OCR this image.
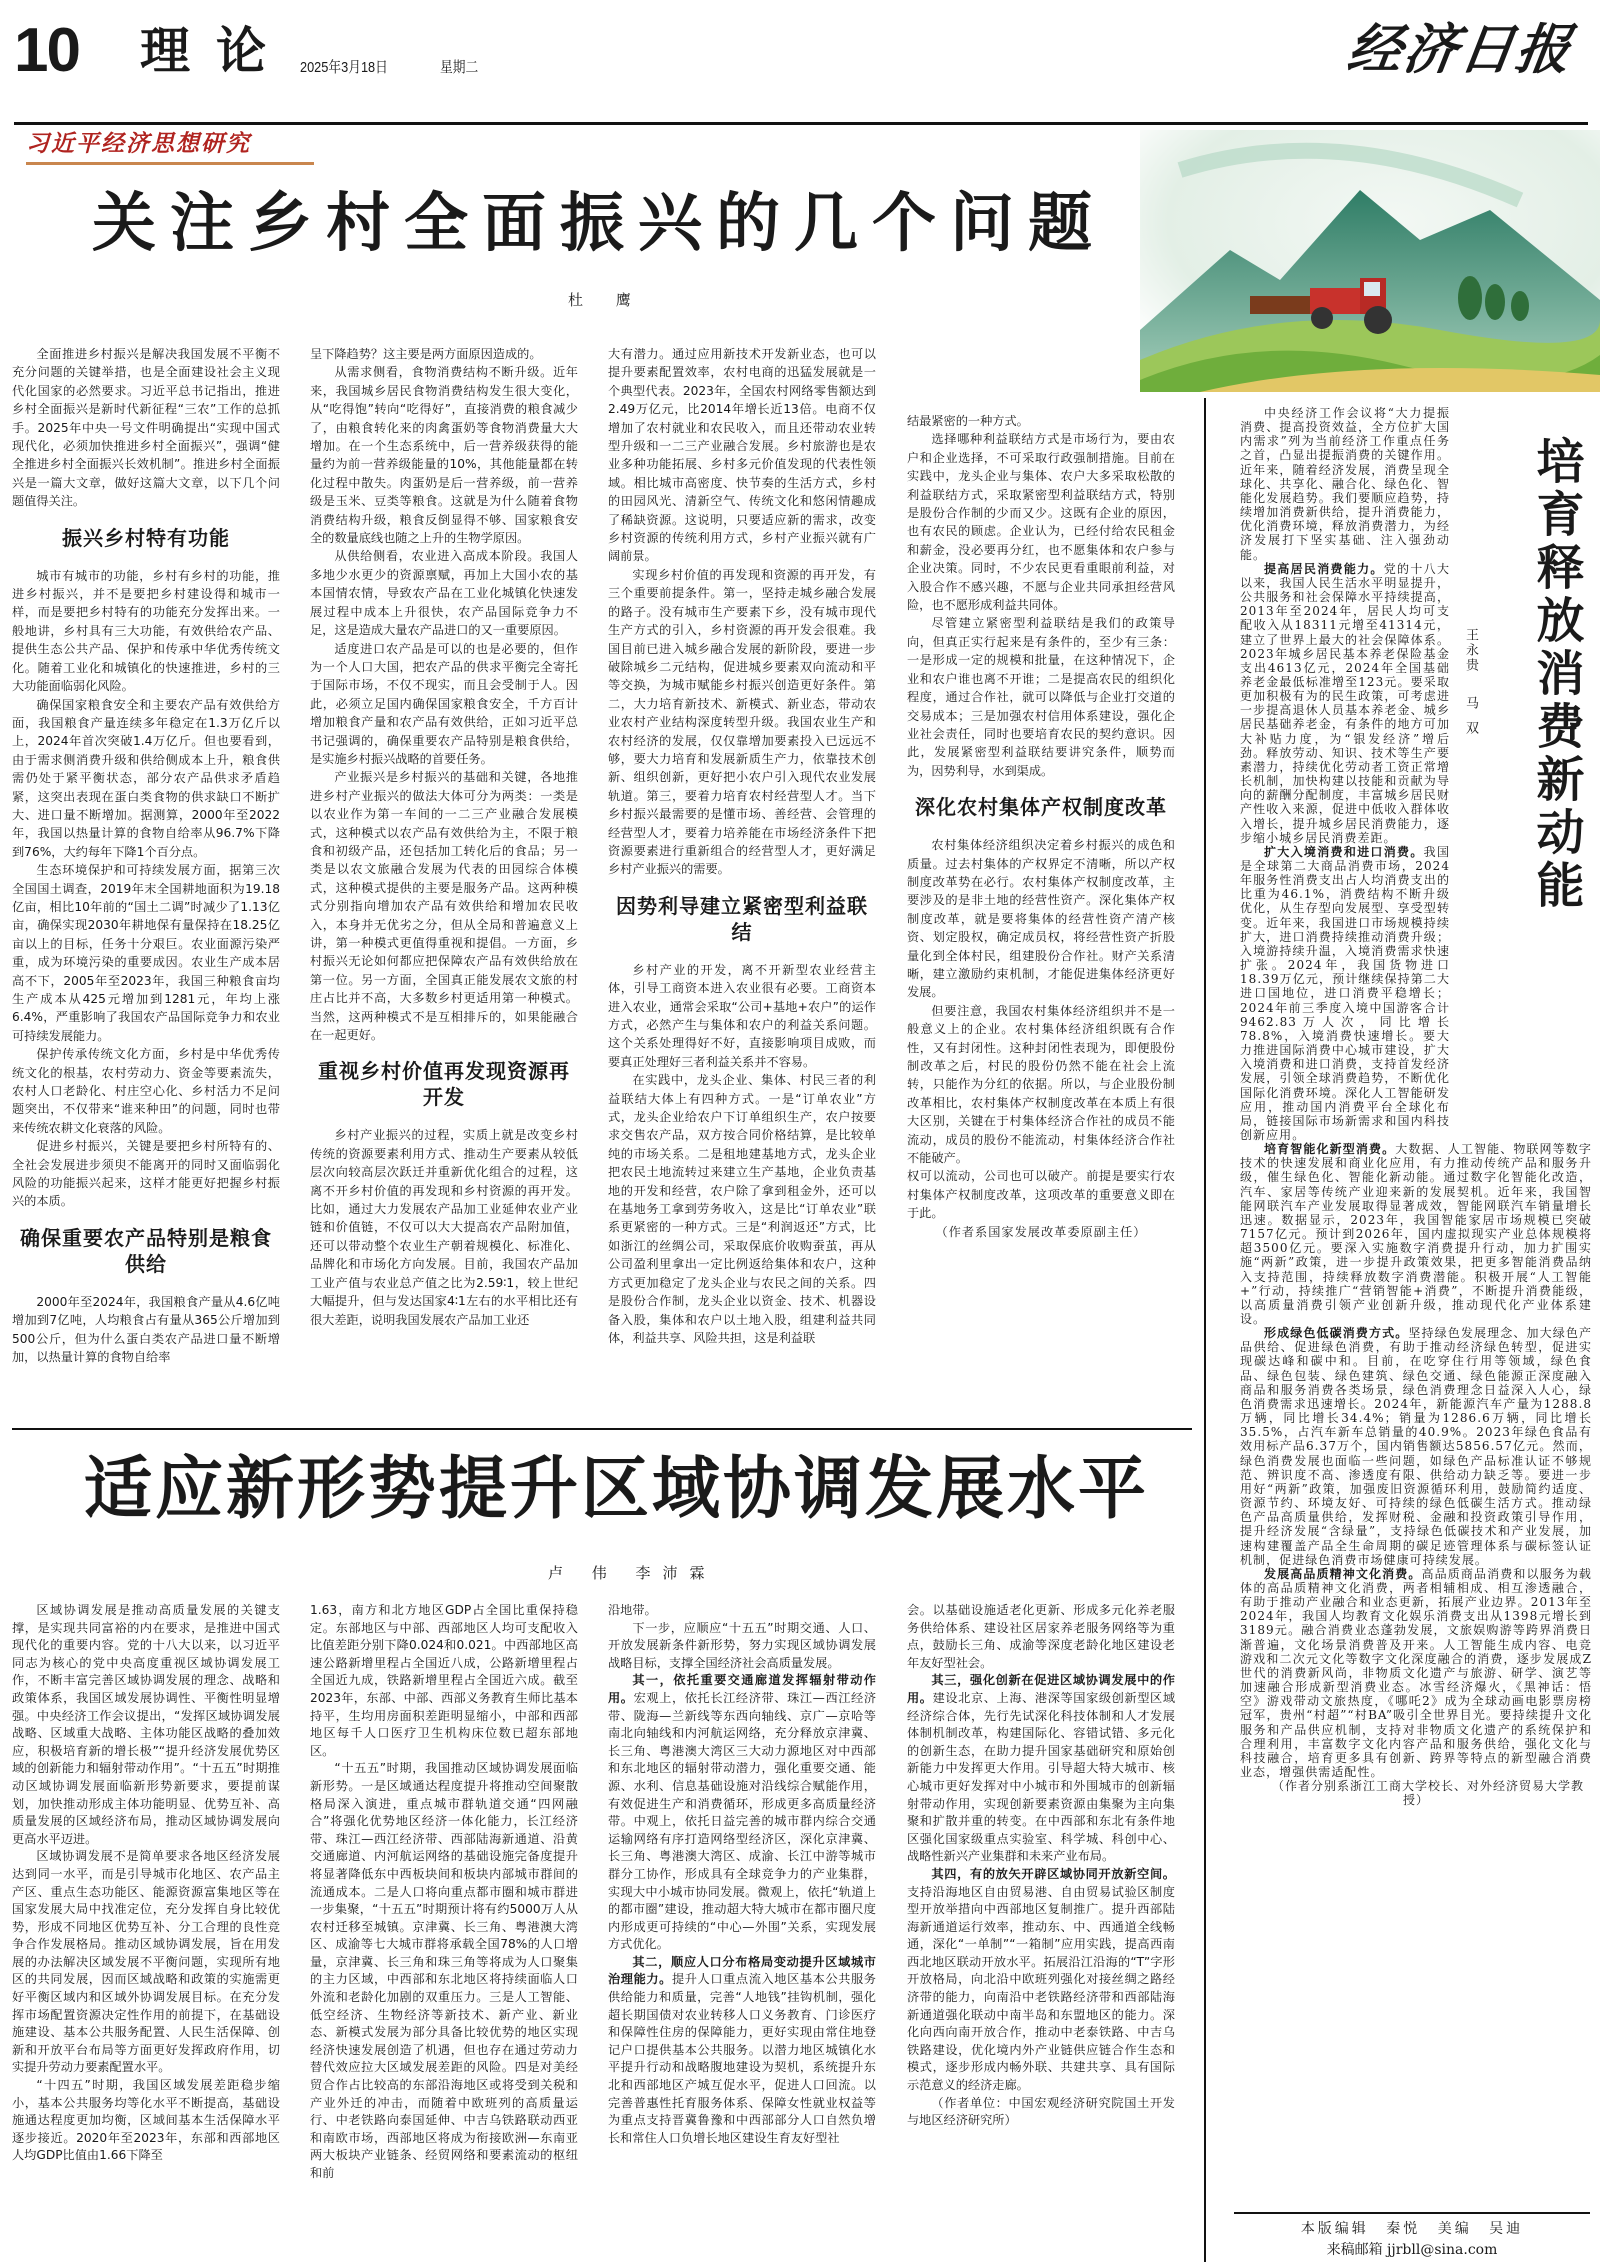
10 理论 2025年3月18日	星期二	经济日报
习近平经济思想研究
关注乡村全面振兴的几个问题
杜 鹰

全面推进乡村振兴是解决我国发展不平衡不充分问题的关键举措，也是全面建设社会主义现代化国家的必然要求。习近平总书记指出，推进乡村全面振兴是新时代新征程“三农”工作的总抓手。2025年中央一号文件明确提出“实现中国式现代化，必须加快推进乡村全面振兴”，强调“健全推进乡村全面振兴长效机制”。推进乡村全面振兴是一篇大文章，做好这篇大文章，以下几个问题值得关注。

振兴乡村特有功能

城市有城市的功能，乡村有乡村的功能，推进乡村振兴，并不是要把乡村建设得和城市一样，而是要把乡村特有的功能充分发挥出来。一般地讲，乡村具有三大功能，有效供给农产品、提供生态公共产品、保护和传承中华优秀传统文化。随着工业化和城镇化的快速推进，乡村的三大功能面临弱化风险。

确保国家粮食安全和主要农产品有效供给方面，我国粮食产量连续多年稳定在1.3万亿斤以上，2024年首次突破1.4万亿斤。但也要看到，由于需求侧消费升级和供给侧成本上升，粮食供需仍处于紧平衡状态，部分农产品供求矛盾趋紧，这突出表现在蛋白类食物的供求缺口不断扩大、进口量不断增加。据测算，2000年至2022年，我国以热量计算的食物自给率从96.7%下降到76%，大约每年下降1个百分点。

生态环境保护和可持续发展方面，据第三次全国国土调查，2019年末全国耕地面积为19.18亿亩，相比10年前的“国土二调”时减少了1.13亿亩，确保实现2030年耕地保有量保持在18.25亿亩以上的目标，任务十分艰巨。农业面源污染严重，成为环境污染的重要成因。农业生产成本居高不下，2005年至2023年，我国三种粮食亩均生产成本从425元增加到1281元，年均上涨6.4%，严重影响了我国农产品国际竞争力和农业可持续发展能力。

保护传承传统文化方面，乡村是中华优秀传统文化的根基，农村劳动力、资金等要素流失，农村人口老龄化、村庄空心化、乡村活力不足问题突出，不仅带来“谁来种田”的问题，同时也带来传统农耕文化衰落的风险。

促进乡村振兴，关键是要把乡村所特有的、全社会发展进步须臾不能离开的同时又面临弱化风险的功能振兴起来，这样才能更好把握乡村振兴的本质。

确保重要农产品特别是粮食供给

2000年至2024年，我国粮食产量从4.6亿吨增加到7亿吨，人均粮食占有量从365公斤增加到500公斤，但为什么蛋白类农产品进口量不断增加，以热量计算的食物自给率

呈下降趋势？这主要是两方面原因造成的。

从需求侧看，食物消费结构不断升级。近年来，我国城乡居民食物消费结构发生很大变化，从“吃得饱”转向“吃得好”，直接消费的粮食减少了，由粮食转化来的肉禽蛋奶等食物消费量大大增加。在一个生态系统中，后一营养级获得的能量约为前一营养级能量的10%，其他能量都在转化过程中散失。肉蛋奶是后一营养级，前一营养级是玉米、豆类等粮食。这就是为什么随着食物消费结构升级，粮食反倒显得不够、国家粮食安全的数量底线也随之上升的生物学原因。

从供给侧看，农业进入高成本阶段。我国人多地少水更少的资源禀赋，再加上大国小农的基本国情农情，导致农产品在工业化城镇化快速发展过程中成本上升很快，农产品国际竞争力不足，这是造成大量农产品进口的又一重要原因。

适度进口农产品是可以的也是必要的，但作为一个人口大国，把农产品的供求平衡完全寄托于国际市场，不仅不现实，而且会受制于人。因此，必须立足国内确保国家粮食安全，千方百计增加粮食产量和农产品有效供给，正如习近平总书记强调的，确保重要农产品特别是粮食供给，是实施乡村振兴战略的首要任务。

产业振兴是乡村振兴的基础和关键，各地推进乡村产业振兴的做法大体可分为两类：一类是以农业作为第一车间的一二三产业融合发展模式，这种模式以农产品有效供给为主，不限于粮食和初级产品，还包括加工转化后的食品；另一类是以农文旅融合发展为代表的田园综合体模式，这种模式提供的主要是服务产品。这两种模式分别指向增加农产品有效供给和增加农民收入，本身并无优劣之分，但从全局和普遍意义上讲，第一种模式更值得重视和提倡。一方面，乡村振兴无论如何都应把保障农产品有效供给放在第一位。另一方面，全国真正能发展农文旅的村庄占比并不高，大多数乡村更适用第一种模式。当然，这两种模式不是互相排斥的，如果能融合在一起更好。

重视乡村价值再发现资源再开发

乡村产业振兴的过程，实质上就是改变乡村传统的资源要素利用方式、推动生产要素从较低层次向较高层次跃迁并重新优化组合的过程，这离不开乡村价值的再发现和乡村资源的再开发。比如，通过大力发展农产品加工业延伸农业产业链和价值链，不仅可以大大提高农产品附加值，还可以带动整个农业生产朝着规模化、标准化、品牌化和市场化方向发展。目前，我国农产品加工业产值与农业总产值之比为2.59∶1，较上世纪大幅提升，但与发达国家4∶1左右的水平相比还有很大差距，说明我国发展农产品加工业还

大有潜力。通过应用新技术开发新业态，也可以提升要素配置效率，农村电商的迅猛发展就是一个典型代表。2023年，全国农村网络零售额达到2.49万亿元，比2014年增长近13倍。电商不仅增加了农村就业和农民收入，而且还带动农业转型升级和一二三产业融合发展。乡村旅游也是农业多种功能拓展、乡村多元价值发现的代表性领域。相比城市高密度、快节奏的生活方式，乡村的田园风光、清新空气、传统文化和悠闲情趣成了稀缺资源。这说明，只要适应新的需求，改变乡村资源的传统利用方式，乡村产业振兴就有广阔前景。

实现乡村价值的再发现和资源的再开发，有三个重要前提条件。第一，坚持走城乡融合发展的路子。没有城市生产要素下乡，没有城市现代生产方式的引入，乡村资源的再开发会很难。我国目前已进入城乡融合发展的新阶段，要进一步破除城乡二元结构，促进城乡要素双向流动和平等交换，为城市赋能乡村振兴创造更好条件。第二，大力培育新技术、新模式、新业态，带动农业农村产业结构深度转型升级。我国农业生产和农村经济的发展，仅仅靠增加要素投入已远远不够，要大力培育和发展新质生产力，依靠技术创新、组织创新，更好把小农户引入现代农业发展轨道。第三，要着力培育农村经营型人才。当下乡村振兴最需要的是懂市场、善经营、会管理的经营型人才，要着力培养能在市场经济条件下把资源要素进行重新组合的经营型人才，更好满足乡村产业振兴的需要。

因势利导建立紧密型利益联结

乡村产业的开发，离不开新型农业经营主体，引导工商资本进入农业很有必要。工商资本进入农业，通常会采取“公司+基地+农户”的运作方式，必然产生与集体和农户的利益关系问题。这个关系处理得好不好，直接影响项目成败，而要真正处理好三者利益关系并不容易。

在实践中，龙头企业、集体、村民三者的利益联结大体上有四种方式。一是“订单农业”方式，龙头企业给农户下订单组织生产，农户按要求交售农产品，双方按合同价格结算，是比较单纯的市场关系。二是租地建基地方式，龙头企业把农民土地流转过来建立生产基地，企业负责基地的开发和经营，农户除了拿到租金外，还可以在基地务工拿到劳务收入，这是比“订单农业”联系更紧密的一种方式。三是“利润返还”方式，比如浙江的丝绸公司，采取保底价收购蚕茧，再从公司盈利里拿出一定比例返给集体和农户，这种方式更加稳定了龙头企业与农民之间的关系。四是股份合作制，龙头企业以资金、技术、机器设备入股，集体和农户以土地入股，组建利益共同体，利益共享、风险共担，这是利益联

结最紧密的一种方式。

选择哪种利益联结方式是市场行为，要由农户和企业选择，不可采取行政强制措施。目前在实践中，龙头企业与集体、农户大多采取松散的利益联结方式，采取紧密型利益联结方式，特别是股份合作制的少而又少。这既有企业的原因，也有农民的顾虑。企业认为，已经付给农民租金和薪金，没必要再分红，也不愿集体和农户参与企业决策。同时，不少农民更看重眼前利益，对入股合作不感兴趣，不愿与企业共同承担经营风险，也不愿形成利益共同体。

尽管建立紧密型利益联结是我们的政策导向，但真正实行起来是有条件的，至少有三条：一是形成一定的规模和批量，在这种情况下，企业和农户谁也离不开谁；二是提高农民的组织化程度，通过合作社，就可以降低与企业打交道的交易成本；三是加强农村信用体系建设，强化企业社会责任，同时也要培育农民的契约意识。因此，发展紧密型利益联结要讲究条件，顺势而为，因势利导，水到渠成。

深化农村集体产权制度改革

农村集体经济组织决定着乡村振兴的成色和质量。过去村集体的产权界定不清晰，所以产权制度改革势在必行。农村集体产权制度改革，主要涉及的是非土地的经营性资产。深化集体产权制度改革，就是要将集体的经营性资产清产核资、划定股权，确定成员权，将经营性资产折股量化到全体村民，组建股份合作社。财产关系清晰，建立激励约束机制，才能促进集体经济更好发展。

但要注意，我国农村集体经济组织并不是一般意义上的企业。农村集体经济组织既有合作性，又有封闭性。这种封闭性表现为，即便股份制改革之后，村民的股份仍然不能在社会上流转，只能作为分红的依据。所以，与企业股份制改革相比，农村集体产权制度改革在本质上有很大区别，关键在于村集体经济合作社的成员不能流动，成员的股份不能流动，村集体经济合作社不能破产。

权可以流动，公司也可以破产。前提是要实行农村集体产权制度改革，这项改革的重要意义即在于此。

（作者系国家发展改革委原副主任）

适应新形势提升区域协调发展水平
卢 伟 李沛霖

区域协调发展是推动高质量发展的关键支撑，是实现共同富裕的内在要求，是推进中国式现代化的重要内容。党的十八大以来，以习近平同志为核心的党中央高度重视区域协调发展工作，不断丰富完善区域协调发展的理念、战略和政策体系，我国区域发展协调性、平衡性明显增强。中央经济工作会议提出，“发挥区域协调发展战略、区域重大战略、主体功能区战略的叠加效应，积极培育新的增长极”“提升经济发展优势区域的创新能力和辐射带动作用”。“十五五”时期推动区域协调发展面临新形势新要求，要提前谋划，加快推动形成主体功能明显、优势互补、高质量发展的区域经济布局，推动区域协调发展向更高水平迈进。

区域协调发展不是简单要求各地区经济发展达到同一水平，而是引导城市化地区、农产品主产区、重点生态功能区、能源资源富集地区等在国家发展大局中找准定位，充分发挥自身比较优势，形成不同地区优势互补、分工合理的良性竞争合作发展格局。推动区域协调发展，旨在用发展的办法解决区域发展不平衡问题，实现所有地区的共同发展，因而区域战略和政策的实施需更好平衡区域内和区域外协调发展目标。在充分发挥市场配置资源决定性作用的前提下，在基础设施建设、基本公共服务配置、人民生活保障、创新和开放平台布局等方面更好发挥政府作用，切实提升劳动力要素配置水平。

“十四五”时期，我国区域发展差距稳步缩小，基本公共服务均等化水平不断提高，基础设施通达程度更加均衡，区域间基本生活保障水平逐步接近。2020年至2023年，东部和西部地区人均GDP比值由1.66下降至

1.63，南方和北方地区GDP占全国比重保持稳定。东部地区与中部、西部地区人均可支配收入比值差距分别下降0.024和0.021。中西部地区高速公路新增里程占全国近八成，公路新增里程占全国近九成，铁路新增里程占全国近六成。截至2023年，东部、中部、西部义务教育生师比基本持平，生均用房面积差距明显缩小，中部和西部地区每千人口医疗卫生机构床位数已超东部地区。

“十五五”时期，我国推动区域协调发展面临新形势。一是区域通达程度提升将推动空间聚散格局深入演进，重点城市群轨道交通“四网融合”将强化优势地区经济一体化能力，长江经济带、珠江—西江经济带、西部陆海新通道、沿黄交通廊道、内河航运网络的基础设施完备度提升将显著降低东中西板块间和板块内部城市群间的流通成本。二是人口将向重点都市圈和城市群进一步集聚，“十五五”时期预计将有约5000万人从农村迁移至城镇。京津冀、长三角、粤港澳大湾区、成渝等七大城市群将承载全国78%的人口增量，京津冀、长三角和珠三角等将成为人口聚集的主力区域，中西部和东北地区将持续面临人口外流和老龄化加剧的双重压力。三是人工智能、低空经济、生物经济等新技术、新产业、新业态、新模式发展为部分具备比较优势的地区实现经济快速发展创造了机遇，但也存在通过劳动力替代效应拉大区域发展差距的风险。四是对美经贸合作占比较高的东部沿海地区或将受到关税和产业外迁的冲击，而随着中欧班列的高质量运行、中老铁路向泰国延伸、中吉乌铁路联动西亚和南欧市场，西部地区将成为衔接欧洲—东南亚两大板块产业链条、经贸网络和要素流动的枢纽和前

沿地带。

下一步，应顺应“十五五”时期交通、人口、开放发展新条件新形势，努力实现区域协调发展战略目标，支撑全国经济社会高质量发展。

其一，依托重要交通廊道发挥辐射带动作用。宏观上，依托长江经济带、珠江—西江经济带、陇海—兰新线等东西向轴线、京广—京哈等南北向轴线和内河航运网络，充分释放京津冀、长三角、粤港澳大湾区三大动力源地区对中西部和东北地区的辐射带动潜力，强化重要交通、能源、水利、信息基础设施对沿线综合赋能作用，有效促进生产和消费循环，形成更多高质量经济带。中观上，依托日益完善的城市群内综合交通运输网络有序打造网络型经济区，深化京津冀、长三角、粤港澳大湾区、成渝、长江中游等城市群分工协作，形成具有全球竞争力的产业集群，实现大中小城市协同发展。微观上，依托“轨道上的都市圈”建设，推动超大特大城市在都市圈尺度内形成更可持续的“中心—外围”关系，实现发展方式优化。

其二，顺应人口分布格局变动提升区域城市治理能力。提升人口重点流入地区基本公共服务供给能力和质量，完善“人地钱”挂钩机制，强化超长期国债对农业转移人口义务教育、门诊医疗和保障性住房的保障能力，更好实现由常住地登记户口提供基本公共服务。以潜力地区城镇化水平提升行动和战略腹地建设为契机，系统提升东北和西部地区产城互促水平，促进人口回流。以完善普惠性托育服务体系、保障女性就业权益等为重点支持晋冀鲁豫和中西部部分人口自然负增长和常住人口负增长地区建设生育友好型社

会。以基础设施适老化更新、形成多元化养老服务供给体系、建设社区居家养老服务网络等为重点，鼓励长三角、成渝等深度老龄化地区建设老年友好型社会。

其三，强化创新在促进区域协调发展中的作用。建设北京、上海、港深等国家级创新型区域经济综合体，先行先试深化科技体制和人才发展体制机制改革，构建国际化、容错试错、多元化的创新生态，在助力提升国家基础研究和原始创新能力中发挥更大作用。引导超大特大城市、核心城市更好发挥对中小城市和外围城市的创新辐射带动作用，实现创新要素资源由集聚为主向集聚和扩散并重的转变。在中西部和东北有条件地区强化国家级重点实验室、科学城、科创中心、战略性新兴产业集群和未来产业布局。

其四，有的放矢开辟区域协同开放新空间。支持沿海地区自由贸易港、自由贸易试验区制度型开放举措向中西部地区复制推广。提升西部陆海新通道运行效率，推动东、中、西通道全线畅通，深化“一单制”“一箱制”应用实践，提高西南西北地区联动开放水平。拓展沿江沿海的“T”字形开放格局，向北沿中欧班列强化对接丝绸之路经济带的能力，向南沿中老铁路经济带和西部陆海新通道强化联动中南半岛和东盟地区的能力。深化向西向南开放合作，推动中老泰铁路、中吉乌铁路建设，优化境内外产业链供应链合作生态和模式，逐步形成内畅外联、共建共享、具有国际示范意义的经济走廊。

（作者单位：中国宏观经济研究院国土开发与地区经济研究所）

王永贵
马双 培育释放消费新动能

中央经济工作会议将“大力提振消费、提高投资效益，全方位扩大国内需求”列为当前经济工作重点任务之首，凸显出提振消费的关键作用。近年来，随着经济发展，消费呈现全球化、共享化、融合化、绿色化、智能化发展趋势。我们要顺应趋势，持续增加消费新供给，提升消费能力，优化消费环境，释放消费潜力，为经济发展打下坚实基础、注入强劲动能。

提高居民消费能力。党的十八大以来，我国人民生活水平明显提升，公共服务和社会保障水平持续提高，2013年至2024年，居民人均可支配收入从18311元增至41314元，建立了世界上最大的社会保障体系。2023年城乡居民基本养老保险基金支出4613亿元，2024年全国基础养老金最低标准增至123元。要采取更加积极有为的民生政策，可考虑进一步提高退休人员基本养老金、城乡居民基础养老金，有条件的地方可加大补贴力度，为“银发经济”增后劲。释放劳动、知识、技术等生产要素潜力，持续优化劳动者工资正常增长机制，加快构建以技能和贡献为导向的薪酬分配制度，丰富城乡居民财产性收入来源，促进中低收入群体收入增长，提升城乡居民消费能力，逐步缩小城乡居民消费差距。

扩大入境消费和进口消费。我国是全球第二大商品消费市场，2024年服务性消费支出占人均消费支出的比重为46.1%，消费结构不断升级优化，从生存型向发展型、享受型转变。近年来，我国进口市场规模持续扩大，进口消费持续推动消费升级；入境游持续升温，入境消费需求快速扩张。2024年，我国货物进口18.39万亿元，预计继续保持第二大进口国地位，进口消费平稳增长；2024年前三季度入境中国游客合计9462.83万人次，同比增长78.8%，入境消费快速增长。要大力推进国际消费中心城市建设，扩大入境消费和进口消费，支持首发经济发展，引领全球消费趋势，不断优化国际化消费环境。深化人工智能研发应用，推动国内消费平台全球化布局，链接国际市场新需求和国内科技创新应用。

培育智能化新型消费。大数据、人工智能、物联网等数字技术的快速发展和商业化应用，有力推动传统产品和服务升级，催生绿色化、智能化新动能。通过数字化智能化改造，汽车、家居等传统产业迎来新的发展契机。近年来，我国智能网联汽车产业发展取得显著成效，智能网联汽车销量增长迅速。数据显示，2023年，我国智能家居市场规模已突破7157亿元。预计到2026年，国内虚拟现实产业总体规模将超3500亿元。要深入实施数字消费提升行动，加力扩围实施“两新”政策，进一步提升政策效果，把更多智能消费品纳入支持范围，持续释放数字消费潜能。积极开展“人工智能+”行动，持续推广“营销智能+消费”，不断提升消费能级，以高质量消费引领产业创新升级，推动现代化产业体系建设。

形成绿色低碳消费方式。坚持绿色发展理念、加大绿色产品供给、促进绿色消费，有助于推动经济绿色转型，促进实现碳达峰和碳中和。目前，在吃穿住行用等领域，绿色食品、绿色包装、绿色建筑、绿色交通、绿色能源正深度融入商品和服务消费各类场景，绿色消费理念日益深入人心，绿色消费需求迅速增长。2024年，新能源汽车产量为1288.8万辆，同比增长34.4%；销量为1286.6万辆，同比增长35.5%，占汽车新车总销量的40.9%。2023年绿色食品有效用标产品6.37万个，国内销售额达5856.57亿元。然而，绿色消费发展也面临一些问题，如绿色产品标准认证不够规范、辨识度不高、渗透度有限、供给动力缺乏等。要进一步用好“两新”政策，加强废旧资源循环利用，鼓励简约适度、资源节约、环境友好、可持续的绿色低碳生活方式。推动绿色产品高质量供给，发挥财税、金融和投资政策引导作用，提升经济发展“含绿量”，支持绿色低碳技术和产业发展，加速构建覆盖产品全生命周期的碳足迹管理体系与碳标签认证机制，促进绿色消费市场健康可持续发展。

发展高品质精神文化消费。高品质商品消费和以服务为载体的高品质精神文化消费，两者相辅相成、相互渗透融合，有助于推动产业融合和业态更新，拓展产业边界。2013年至2024年，我国人均教育文化娱乐消费支出从1398元增长到3189元。融合消费业态蓬勃发展，文旅娱购游等跨界消费日渐普遍，文化场景消费普及开来。人工智能生成内容、电竞游戏和二次元文化等数字文化深度融合的消费，逐步发展成Z世代的消费新风尚，非物质文化遗产与旅游、研学、演艺等加速融合形成新型消费业态。冰雪经济爆火，《黑神话：悟空》游戏带动文旅热度，《哪吒2》成为全球动画电影票房榜冠军，贵州“村超”“村BA”吸引全世界目光。要持续提升文化服务和产品供应机制，支持对非物质文化遗产的系统保护和合理利用，丰富数字文化内容产品和服务供给，强化文化与科技融合，培育更多具有创新、跨界等特点的新型融合消费业态，增强供需适配性。

（作者分别系浙江工商大学校长、对外经济贸易大学教授）

本版编辑 秦悦 美编 吴迪
来稿邮箱 jjrbll@sina.com
